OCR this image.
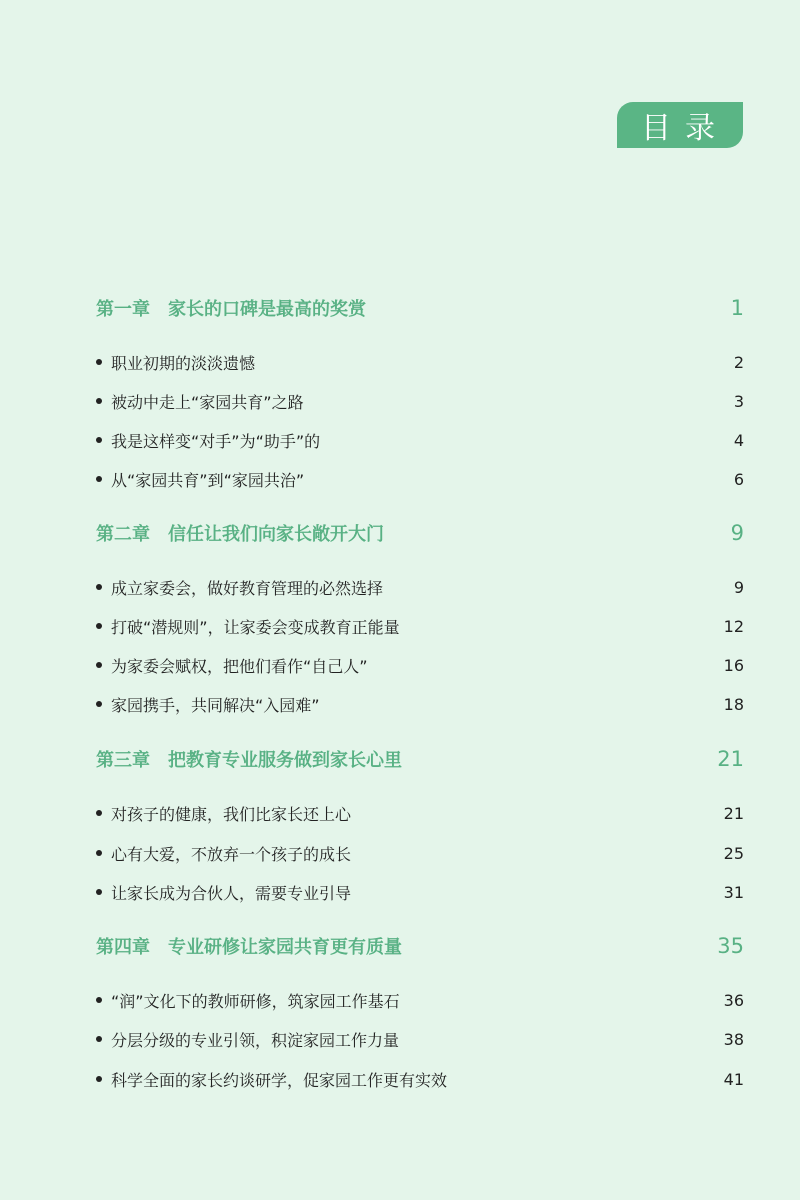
目录
第一章 家长的口碑是最高的奖赏	1
职业初期的淡淡遗憾	2
被动中走上“家园共育”之路	3
我是这样变“对手”为“助手”的	4
从“家园共育”到“家园共治”	6
第二章 信任让我们向家长敞开大门	9
成立家委会，做好教育管理的必然选择	9
打破“潜规则”，让家委会变成教育正能量	12
为家委会赋权，把他们看作“自己人”	16
家园携手，共同解决“入园难”	18
第三章 把教育专业服务做到家长心里	21
对孩子的健康，我们比家长还上心	21
心有大爱，不放弃一个孩子的成长	25
让家长成为合伙人，需要专业引导	31
第四章 专业研修让家园共育更有质量	35
“润”文化下的教师研修，筑家园工作基石	36
分层分级的专业引领，积淀家园工作力量	38
科学全面的家长约谈研学，促家园工作更有实效	41
